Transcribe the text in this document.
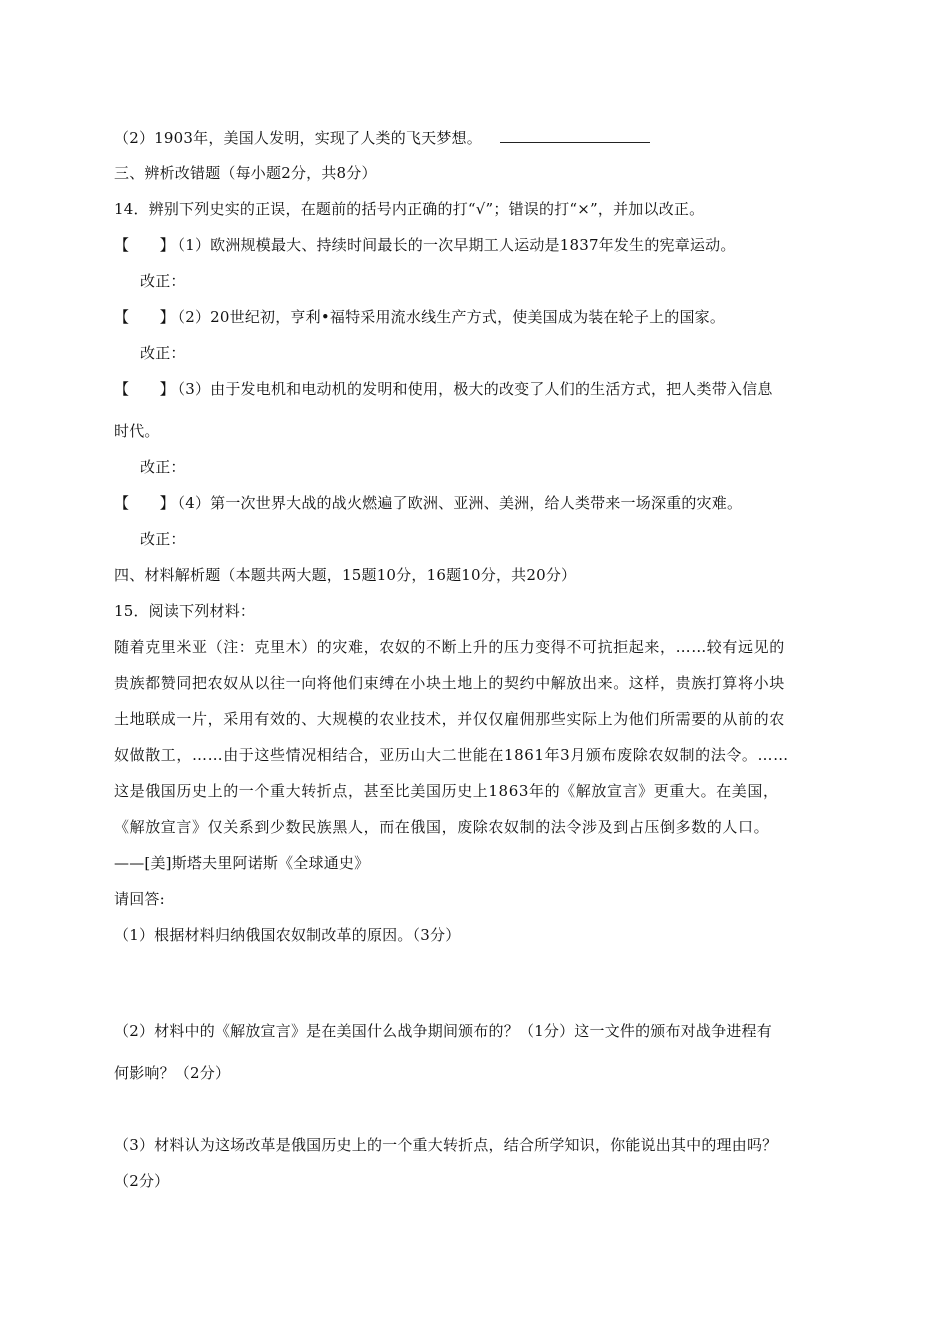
（2）1903年，美国人发明，实现了人类的飞天梦想。
三、辨析改错题（每小题2分，共8分）
14．辨别下列史实的正误，在题前的括号内正确的打“√”；错误的打“×”，并加以改正。
【　　】（1）欧洲规模最大、持续时间最长的一次早期工人运动是1837年发生的宪章运动。
改正：
【　　】（2）20世纪初，亨利•福特采用流水线生产方式，使美国成为装在轮子上的国家。
改正：
【　　】（3）由于发电机和电动机的发明和使用，极大的改变了人们的生活方式，把人类带入信息
时代。
改正：
【　　】（4）第一次世界大战的战火燃遍了欧洲、亚洲、美洲，给人类带来一场深重的灾难。
改正：
四、材料解析题（本题共两大题，15题10分，16题10分，共20分）
15．阅读下列材料：
随着克里米亚（注：克里木）的灾难，农奴的不断上升的压力变得不可抗拒起来，……较有远见的
贵族都赞同把农奴从以往一向将他们束缚在小块土地上的契约中解放出来。这样，贵族打算将小块
土地联成一片，采用有效的、大规模的农业技术，并仅仅雇佣那些实际上为他们所需要的从前的农
奴做散工，……由于这些情况相结合，亚历山大二世能在1861年3月颁布废除农奴制的法令。……
这是俄国历史上的一个重大转折点，甚至比美国历史上1863年的《解放宣言》更重大。在美国，
《解放宣言》仅关系到少数民族黑人，而在俄国，废除农奴制的法令涉及到占压倒多数的人口。
——[美]斯塔夫里阿诺斯《全球通史》
请回答:
（1）根据材料归纳俄国农奴制改革的原因。（3分）
（2）材料中的《解放宣言》是在美国什么战争期间颁布的？（1分）这一文件的颁布对战争进程有
何影响？（2分）
（3）材料认为这场改革是俄国历史上的一个重大转折点，结合所学知识，你能说出其中的理由吗？
（2分）
